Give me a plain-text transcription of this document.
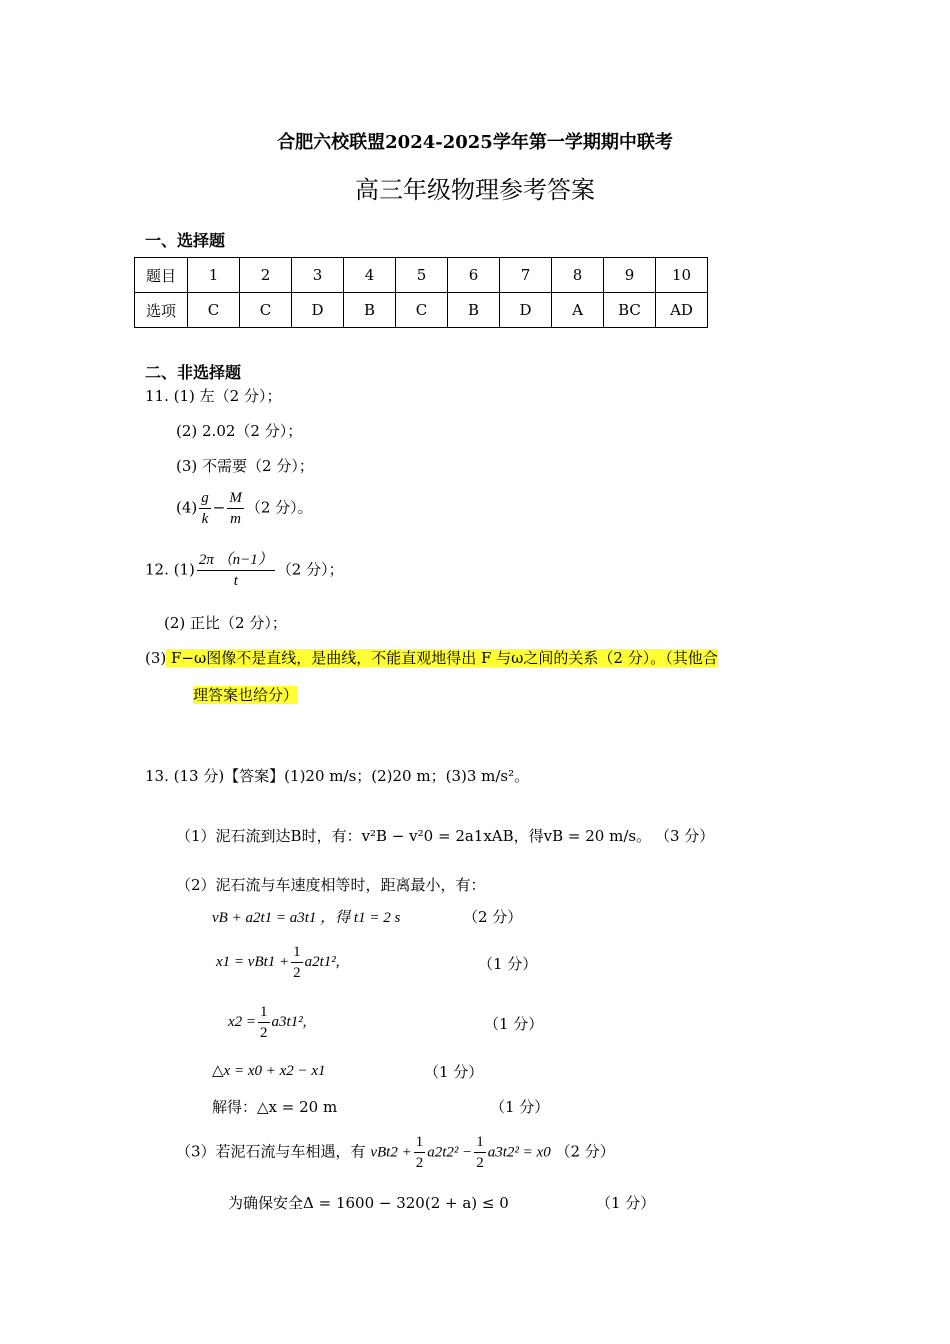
合肥六校联盟2024-2025学年第一学期期中联考
高三年级物理参考答案
一、选择题
题目	1	2	3	4	5	6	7	8	9	10
选项	C	C	D	B	C	B	D	A	BC	AD
二、非选择题
11. (1) 左（2 分）；
(2) 2.02（2 分）；
(3) 不需要（2 分）；
$(4) \frac{g}{k} - \frac{M}{m} (2$ 分）。
12. $(1) \frac{2\pi (n-1)}{t} (2$ 分）；
(2) 正比（2 分）；
(3) F−ω图像不是直线，是曲线，不能直观地得出 F 与ω之间的关系（2 分）。（其他合
理答案也给分）
13. (13 分)【答案】(1)20 m/s；(2)20 m；(3)3 m/s²。
（1）泥石流到达B时，有：v²B − v²0 = 2a1xAB，得vB = 20 m/s。 （3 分）
（2）泥石流与车速度相等时，距离最小，有：
vB + a2t1 = a3t1 ，得 t1 = 2 s	（2 分）
$x1 = vBt1 + \frac{1}{2} a2t1^2$,	（1 分）
$x2 = \frac{1}{2} a3t1^2$,	（1 分）
△x = x0 + x2 − x1	（1 分）
解得：△x = 20 m	（1 分）
（3）若泥石流与车相遇，有 $vBt2 + \frac{1}{2} a2t2^2 - \frac{1}{2} a3t2^2 = x0$ （2 分）
为确保安全Δ = 1600 − 320(2 + a) ≤ 0	（1 分）
